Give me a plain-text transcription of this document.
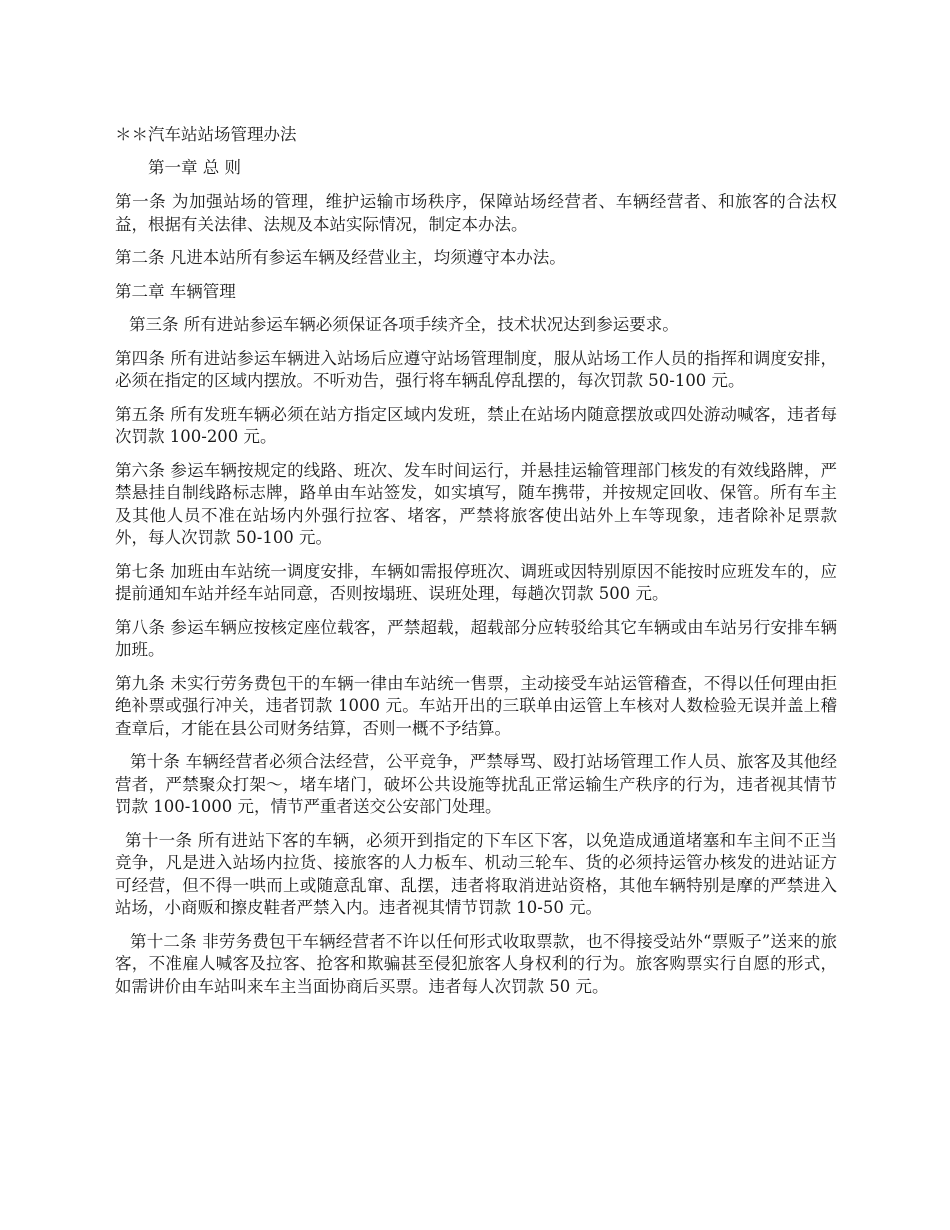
＊＊汽车站站场管理办法

第一章 总 则

第一条 为加强站场的管理，维护运输市场秩序，保障站场经营者、车辆经营者、和旅客的合法权益，根据有关法律、法规及本站实际情况，制定本办法。

第二条 凡进本站所有参运车辆及经营业主，均须遵守本办法。

第二章 车辆管理

第三条 所有进站参运车辆必须保证各项手续齐全，技术状况达到参运要求。

第四条 所有进站参运车辆进入站场后应遵守站场管理制度，服从站场工作人员的指挥和调度安排，必须在指定的区域内摆放。不听劝告，强行将车辆乱停乱摆的，每次罚款 50-100 元。

第五条 所有发班车辆必须在站方指定区域内发班，禁止在站场内随意摆放或四处游动喊客，违者每次罚款 100-200 元。

第六条 参运车辆按规定的线路、班次、发车时间运行，并悬挂运输管理部门核发的有效线路牌，严禁悬挂自制线路标志牌，路单由车站签发，如实填写，随车携带，并按规定回收、保管。所有车主及其他人员不准在站场内外强行拉客、堵客，严禁将旅客使出站外上车等现象，违者除补足票款外，每人次罚款 50-100 元。

第七条 加班由车站统一调度安排，车辆如需报停班次、调班或因特别原因不能按时应班发车的，应提前通知车站并经车站同意，否则按塌班、误班处理，每趟次罚款 500 元。

第八条 参运车辆应按核定座位载客，严禁超载，超载部分应转驳给其它车辆或由车站另行安排车辆加班。

第九条 未实行劳务费包干的车辆一律由车站统一售票，主动接受车站运管稽查，不得以任何理由拒绝补票或强行冲关，违者罚款 1000 元。车站开出的三联单由运管上车核对人数检验无误并盖上稽查章后，才能在县公司财务结算，否则一概不予结算。

第十条 车辆经营者必须合法经营，公平竞争，严禁辱骂、殴打站场管理工作人员、旅客及其他经营者，严禁聚众打架～，堵车堵门，破坏公共设施等扰乱正常运输生产秩序的行为，违者视其情节罚款 100-1000 元，情节严重者送交公安部门处理。

第十一条 所有进站下客的车辆，必须开到指定的下车区下客，以免造成通道堵塞和车主间不正当竞争，凡是进入站场内拉货、接旅客的人力板车、机动三轮车、货的必须持运管办核发的进站证方可经营，但不得一哄而上或随意乱窜、乱摆，违者将取消进站资格，其他车辆特别是摩的严禁进入站场，小商贩和擦皮鞋者严禁入内。违者视其情节罚款 10-50 元。

第十二条 非劳务费包干车辆经营者不许以任何形式收取票款，也不得接受站外“票贩子”送来的旅客，不准雇人喊客及拉客、抢客和欺骗甚至侵犯旅客人身权利的行为。旅客购票实行自愿的形式，如需讲价由车站叫来车主当面协商后买票。违者每人次罚款 50 元。
